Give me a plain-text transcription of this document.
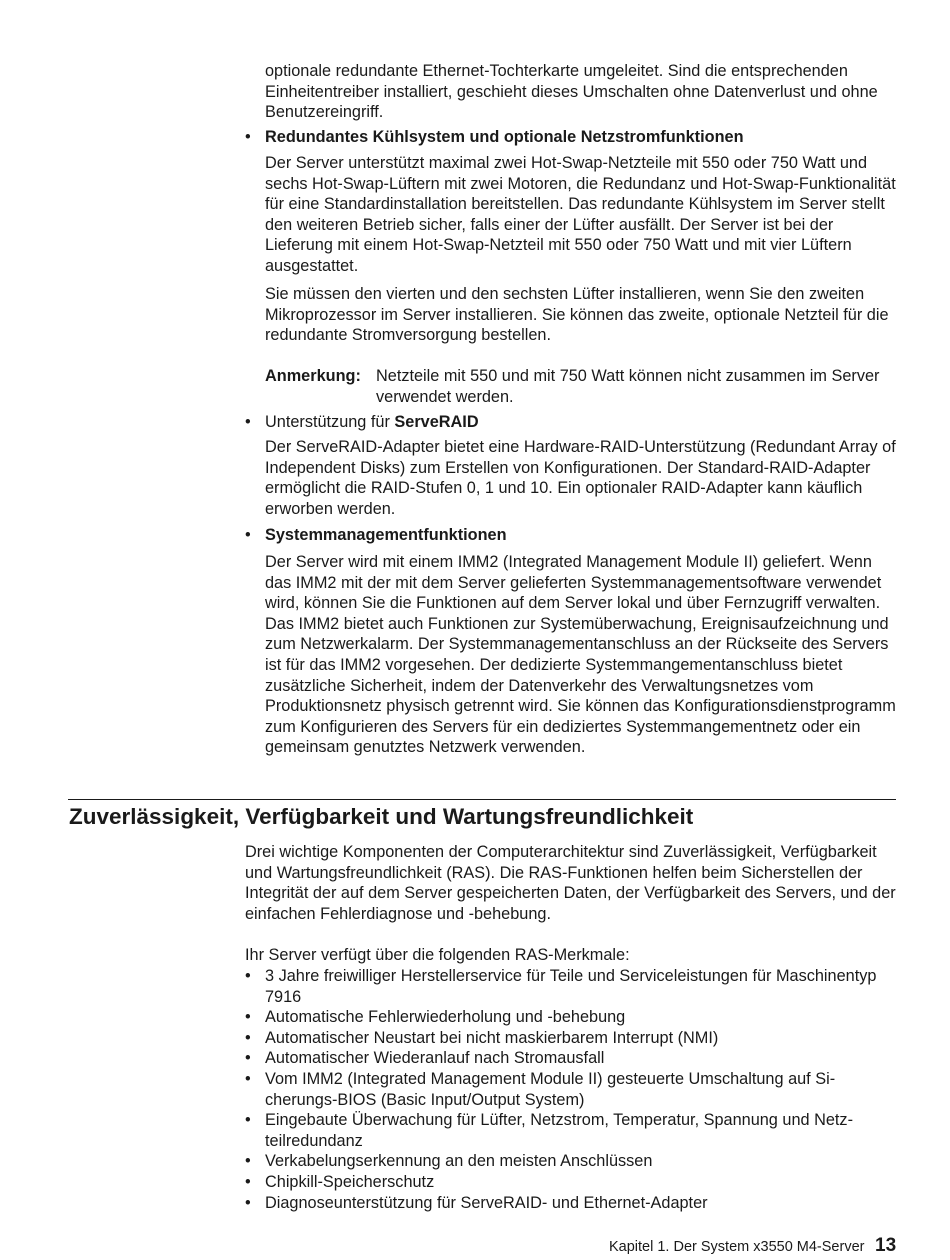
optionale redundante Ethernet-Tochterkarte umgeleitet. Sind die entsprechenden Einheitentreiber installiert, geschieht dieses Umschalten ohne Datenverlust und ohne Benutzereingriff.

• Redundantes Kühlsystem und optionale Netzstromfunktionen

Der Server unterstützt maximal zwei Hot-Swap-Netzteile mit 550 oder 750 Watt und sechs Hot-Swap-Lüftern mit zwei Motoren, die Redundanz und Hot-Swap-Funktionalität für eine Standardinstallation bereitstellen. Das redundante Kühlsystem im Server stellt den weiteren Betrieb sicher, falls einer der Lüfter ausfällt. Der Server ist bei der Lieferung mit einem Hot-Swap-Netzteil mit 550 oder 750 Watt und mit vier Lüftern ausgestattet.

Sie müssen den vierten und den sechsten Lüfter installieren, wenn Sie den zweiten Mikroprozessor im Server installieren. Sie können das zweite, optionale Netzteil für die redundante Stromversorgung bestellen.

Anmerkung: Netzteile mit 550 und mit 750 Watt können nicht zusammen im Server verwendet werden.
• Unterstützung für ServeRAID

Der ServeRAID-Adapter bietet eine Hardware-RAID-Unterstützung (Redundant Array of Independent Disks) zum Erstellen von Konfigurationen. Der Standard-RAID-Adapter ermöglicht die RAID-Stufen 0, 1 und 10. Ein optionaler RAID-Adapter kann käuflich erworben werden.

• Systemmanagementfunktionen

Der Server wird mit einem IMM2 (Integrated Management Module II) geliefert. Wenn das IMM2 mit der mit dem Server gelieferten Systemmanagementsoftware verwendet wird, können Sie die Funktionen auf dem Server lokal und über Fernzugriff verwalten. Das IMM2 bietet auch Funktionen zur Systemüberwachung, Ereignisaufzeichnung und zum Netzwerkalarm. Der Systemmanagementanschluss an der Rückseite des Servers ist für das IMM2 vorgesehen. Der dedizierte Systemmangementanschluss bietet zusätzliche Sicherheit, indem der Datenverkehr des Verwaltungsnetzes vom Produktionsnetz physisch getrennt wird. Sie können das Konfigurationsdienstprogramm zum Konfigurieren des Servers für ein dediziertes Systemmangementnetz oder ein gemeinsam genutztes Netzwerk verwenden.

Zuverlässigkeit, Verfügbarkeit und Wartungsfreundlichkeit

Drei wichtige Komponenten der Computerarchitektur sind Zuverlässigkeit, Verfügbarkeit und Wartungsfreundlichkeit (RAS). Die RAS-Funktionen helfen beim Sicherstellen der Integrität der auf dem Server gespeicherten Daten, der Verfügbarkeit des Servers, und der einfachen Fehlerdiagnose und -behebung.

Ihr Server verfügt über die folgenden RAS-Merkmale:

• 3 Jahre freiwilliger Herstellerservice für Teile und Serviceleistungen für Maschinentyp 7916
• Automatische Fehlerwiederholung und -behebung
• Automatischer Neustart bei nicht maskierbarem Interrupt (NMI)
• Automatischer Wiederanlauf nach Stromausfall
• Vom IMM2 (Integrated Management Module II) gesteuerte Umschaltung auf Sicherungs-BIOS (Basic Input/Output System)
• Eingebaute Überwachung für Lüfter, Netzstrom, Temperatur, Spannung und Netzteilredundanz
• Verkabelungserkennung an den meisten Anschlüssen
• Chipkill-Speicherschutz
• Diagnoseunterstützung für ServeRAID- und Ethernet-Adapter
Kapitel 1. Der System x3550 M4-Server 13
